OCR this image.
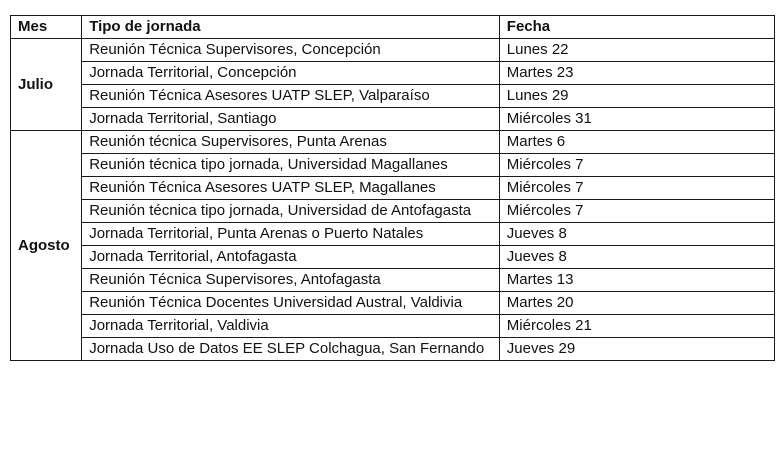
Mes	Tipo de jornada	Fecha
Julio	Reunión Técnica Supervisores, Concepción	Lunes 22
	Jornada Territorial, Concepción	Martes 23
	Reunión Técnica Asesores UATP SLEP, Valparaíso	Lunes 29
	Jornada Territorial, Santiago	Miércoles 31
Agosto	Reunión técnica Supervisores, Punta Arenas	Martes 6
	Reunión técnica tipo jornada, Universidad Magallanes	Miércoles 7
	Reunión Técnica Asesores UATP SLEP, Magallanes	Miércoles 7
	Reunión técnica tipo jornada, Universidad de Antofagasta	Miércoles 7
	Jornada Territorial, Punta Arenas o Puerto Natales	Jueves 8
	Jornada Territorial, Antofagasta	Jueves 8
	Reunión Técnica Supervisores, Antofagasta	Martes 13
	Reunión Técnica Docentes Universidad Austral, Valdivia	Martes 20
	Jornada Territorial, Valdivia	Miércoles 21
	Jornada Uso de Datos EE SLEP Colchagua, San Fernando	Jueves 29
